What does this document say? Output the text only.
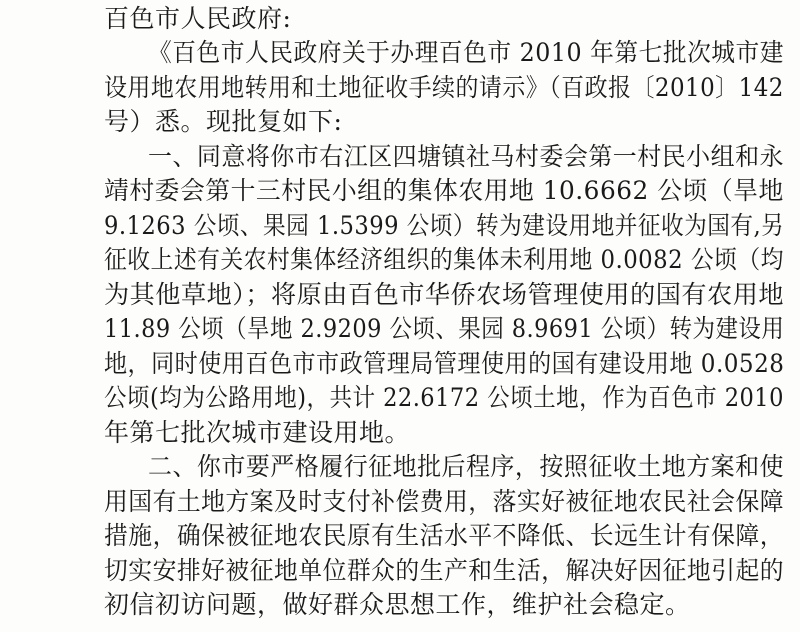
百色市人民政府:
《百色市人民政府关于办理百色市 2010 年第七批次城市建
设用地农用地转用和土地征收手续的请示》（百政报〔2010〕142
号）悉。现批复如下:
一、同意将你市右江区四塘镇社马村委会第一村民小组和永
靖村委会第十三村民小组的集体农用地 10.6662 公顷（旱地
9.1263 公顷、果园 1.5399 公顷）转为建设用地并征收为国有,另
征收上述有关农村集体经济组织的集体未利用地 0.0082 公顷（均
为其他草地）；将原由百色市华侨农场管理使用的国有农用地
11.89 公顷（旱地 2.9209 公顷、果园 8.9691 公顷）转为建设用
地，同时使用百色市市政管理局管理使用的国有建设用地 0.0528
公顷(均为公路用地)，共计 22.6172 公顷土地，作为百色市 2010
年第七批次城市建设用地。
二、你市要严格履行征地批后程序，按照征收土地方案和使
用国有土地方案及时支付补偿费用，落实好被征地农民社会保障
措施，确保被征地农民原有生活水平不降低、长远生计有保障，
切实安排好被征地单位群众的生产和生活，解决好因征地引起的
初信初访问题，做好群众思想工作，维护社会稳定。
